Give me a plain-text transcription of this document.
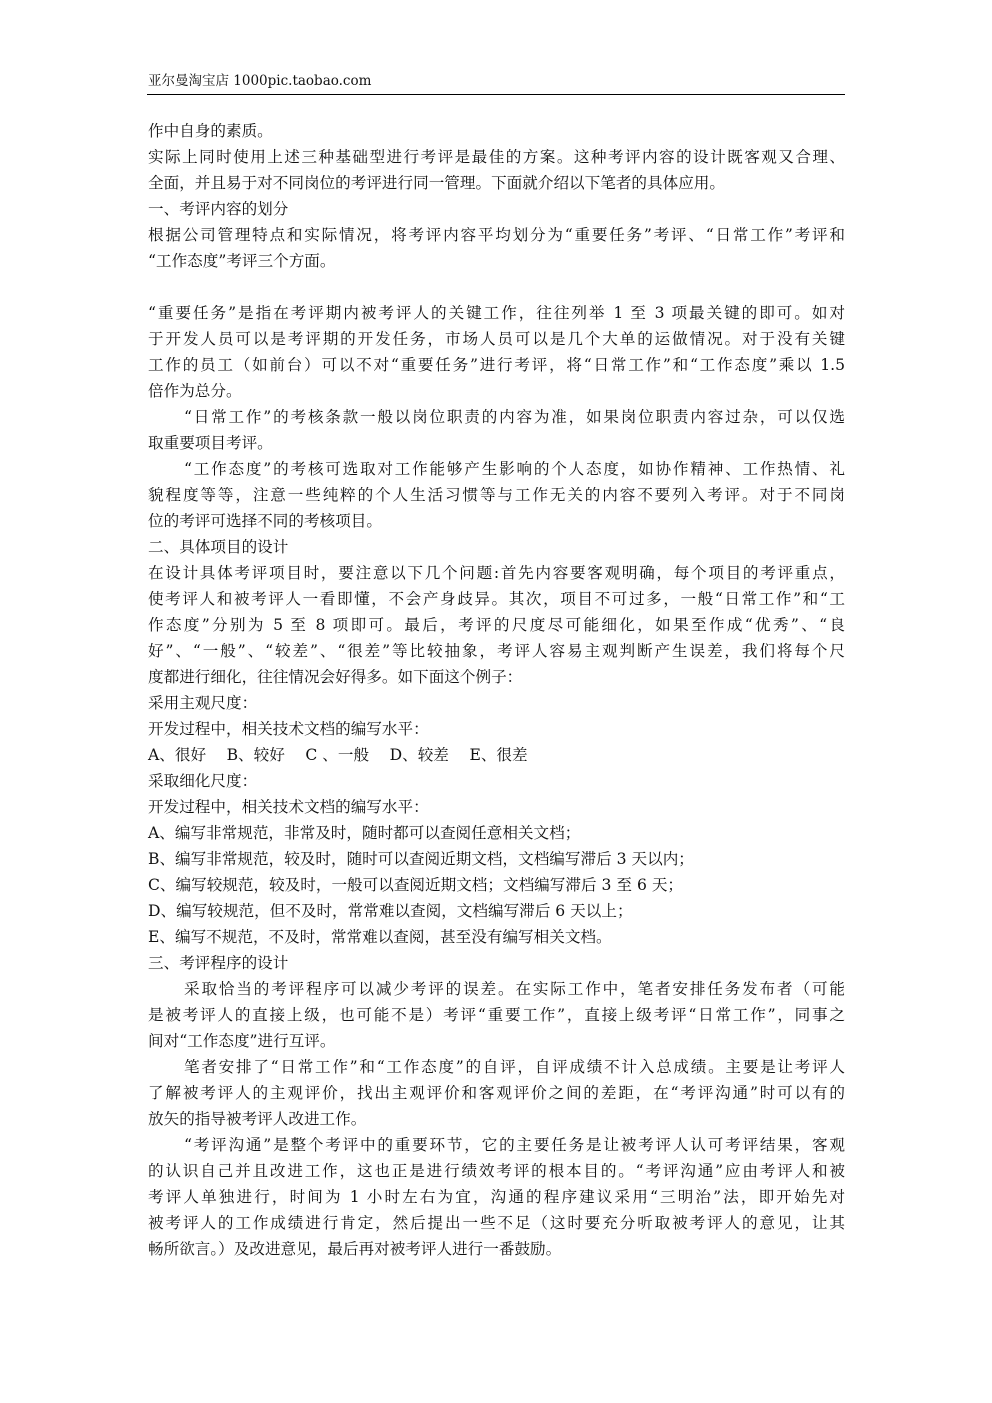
亚尔曼淘宝店 1000pic.taobao.com
作中自身的素质。
实际上同时使用上述三种基础型进行考评是最佳的方案。这种考评内容的设计既客观又合理、
全面，并且易于对不同岗位的考评进行同一管理。下面就介绍以下笔者的具体应用。
一、考评内容的划分
根据公司管理特点和实际情况，将考评内容平均划分为“重要任务”考评、“日常工作”考评和
“工作态度”考评三个方面。
“重要任务”是指在考评期内被考评人的关键工作，往往列举 1 至 3 项最关键的即可。如对
于开发人员可以是考评期的开发任务，市场人员可以是几个大单的运做情况。对于没有关键
工作的员工（如前台）可以不对“重要任务”进行考评，将“日常工作”和“工作态度”乘以 1.5
倍作为总分。
“日常工作”的考核条款一般以岗位职责的内容为准，如果岗位职责内容过杂，可以仅选
取重要项目考评。
“工作态度”的考核可选取对工作能够产生影响的个人态度，如协作精神、工作热情、礼
貌程度等等，注意一些纯粹的个人生活习惯等与工作无关的内容不要列入考评。对于不同岗
位的考评可选择不同的考核项目。
二、具体项目的设计
在设计具体考评项目时，要注意以下几个问题:首先内容要客观明确，每个项目的考评重点，
使考评人和被考评人一看即懂，不会产身歧异。其次，项目不可过多，一般“日常工作”和“工
作态度”分别为 5 至 8 项即可。最后，考评的尺度尽可能细化，如果至作成“优秀”、“良
好”、“一般”、“较差”、“很差”等比较抽象，考评人容易主观判断产生误差，我们将每个尺
度都进行细化，往往情况会好得多。如下面这个例子：
采用主观尺度：
开发过程中，相关技术文档的编写水平：
A、很好　 B、较好　 C 、一般　 D、较差　 E、很差
采取细化尺度：
开发过程中，相关技术文档的编写水平：
A、编写非常规范，非常及时，随时都可以查阅任意相关文档；
B、编写非常规范，较及时，随时可以查阅近期文档，文档编写滞后 3 天以内；
C、编写较规范，较及时，一般可以查阅近期文档；文档编写滞后 3 至 6 天；
D、编写较规范，但不及时，常常难以查阅，文档编写滞后 6 天以上；
E、编写不规范，不及时，常常难以查阅，甚至没有编写相关文档。
三、考评程序的设计
采取恰当的考评程序可以减少考评的误差。在实际工作中，笔者安排任务发布者（可能
是被考评人的直接上级，也可能不是）考评“重要工作”，直接上级考评“日常工作”，同事之
间对“工作态度”进行互评。
笔者安排了“日常工作”和“工作态度”的自评，自评成绩不计入总成绩。主要是让考评人
了解被考评人的主观评价，找出主观评价和客观评价之间的差距，在“考评沟通”时可以有的
放矢的指导被考评人改进工作。
“考评沟通”是整个考评中的重要环节，它的主要任务是让被考评人认可考评结果，客观
的认识自己并且改进工作，这也正是进行绩效考评的根本目的。“考评沟通”应由考评人和被
考评人单独进行，时间为 1 小时左右为宜，沟通的程序建议采用“三明治”法，即开始先对
被考评人的工作成绩进行肯定，然后提出一些不足（这时要充分听取被考评人的意见，让其
畅所欲言。）及改进意见，最后再对被考评人进行一番鼓励。
